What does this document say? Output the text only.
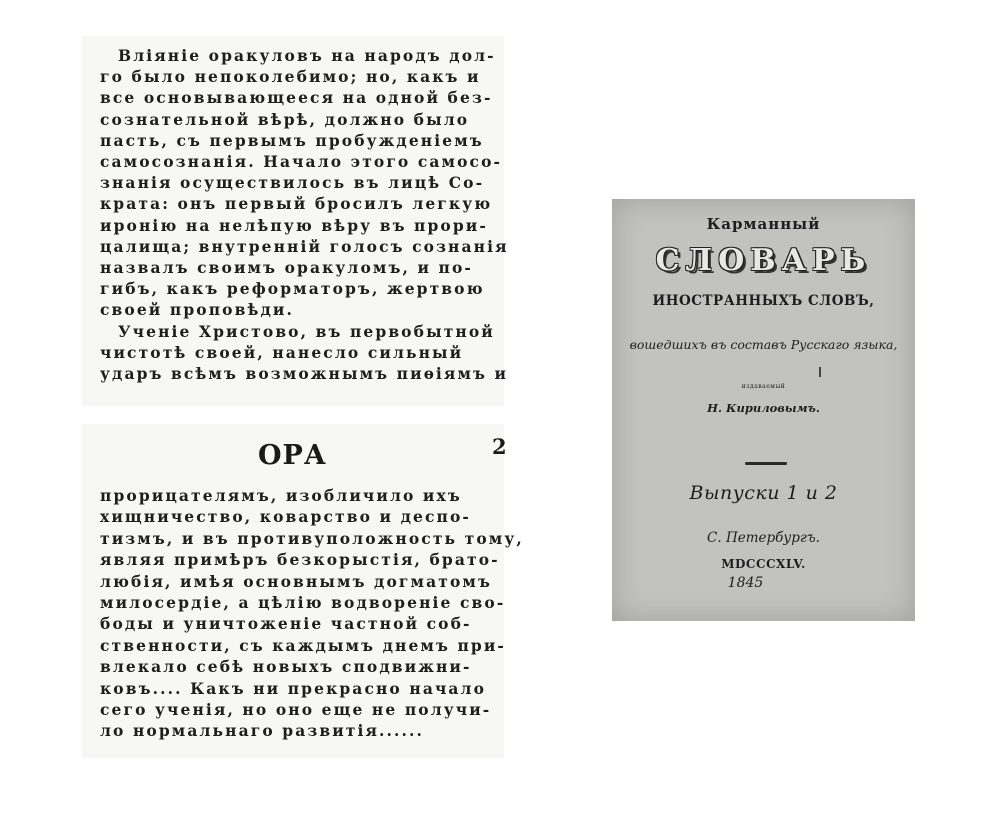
Вліяніе оракуловъ на народъ дол-
го было непоколебимо; но, какъ и
все основывающееся на одной без-
сознательной вѣрѣ, должно было
пасть, съ первымъ пробужденіемъ
самосознанія. Начало этого самосо-
знанія осуществилось въ лицѣ Со-
крата: онъ первый бросилъ легкую
иронію на нелѣпую вѣру въ прори-
цалища; внутренній голосъ сознанія
назвалъ своимъ оракуломъ, и по-
гибъ, какъ реформаторъ, жертвою
своей проповѣди.
Ученіе Христово, въ первобытной
чистотѣ своей, нанесло сильный
ударъ всѣмъ возможнымъ пиѳіямъ и
ОРА	2
прорицателямъ, изобличило ихъ
хищничество, коварство и деспо-
тизмъ, и въ противуположность тому,
являя примѣръ безкорыстія, брато-
любія, имѣя основнымъ догматомъ
милосердіе, а цѣлію водвореніе сво-
боды и уничтоженіе частной соб-
ственности, съ каждымъ днемъ при-
влекало себѣ новыхъ сподвижни-
ковъ.... Какъ ни прекрасно начало
сего ученія, но оно еще не получи-
ло нормальнаго развитія......
Карманный
СЛОВАРЬ
ИНОСТРАННЫХЪ СЛОВЪ,
вошедшихъ въ составъ Русскаго языка,
издаваемый
Н. Кириловымъ.
Выпуски 1 и 2
С. Петербургъ.
MDCCCXLV.
1845
